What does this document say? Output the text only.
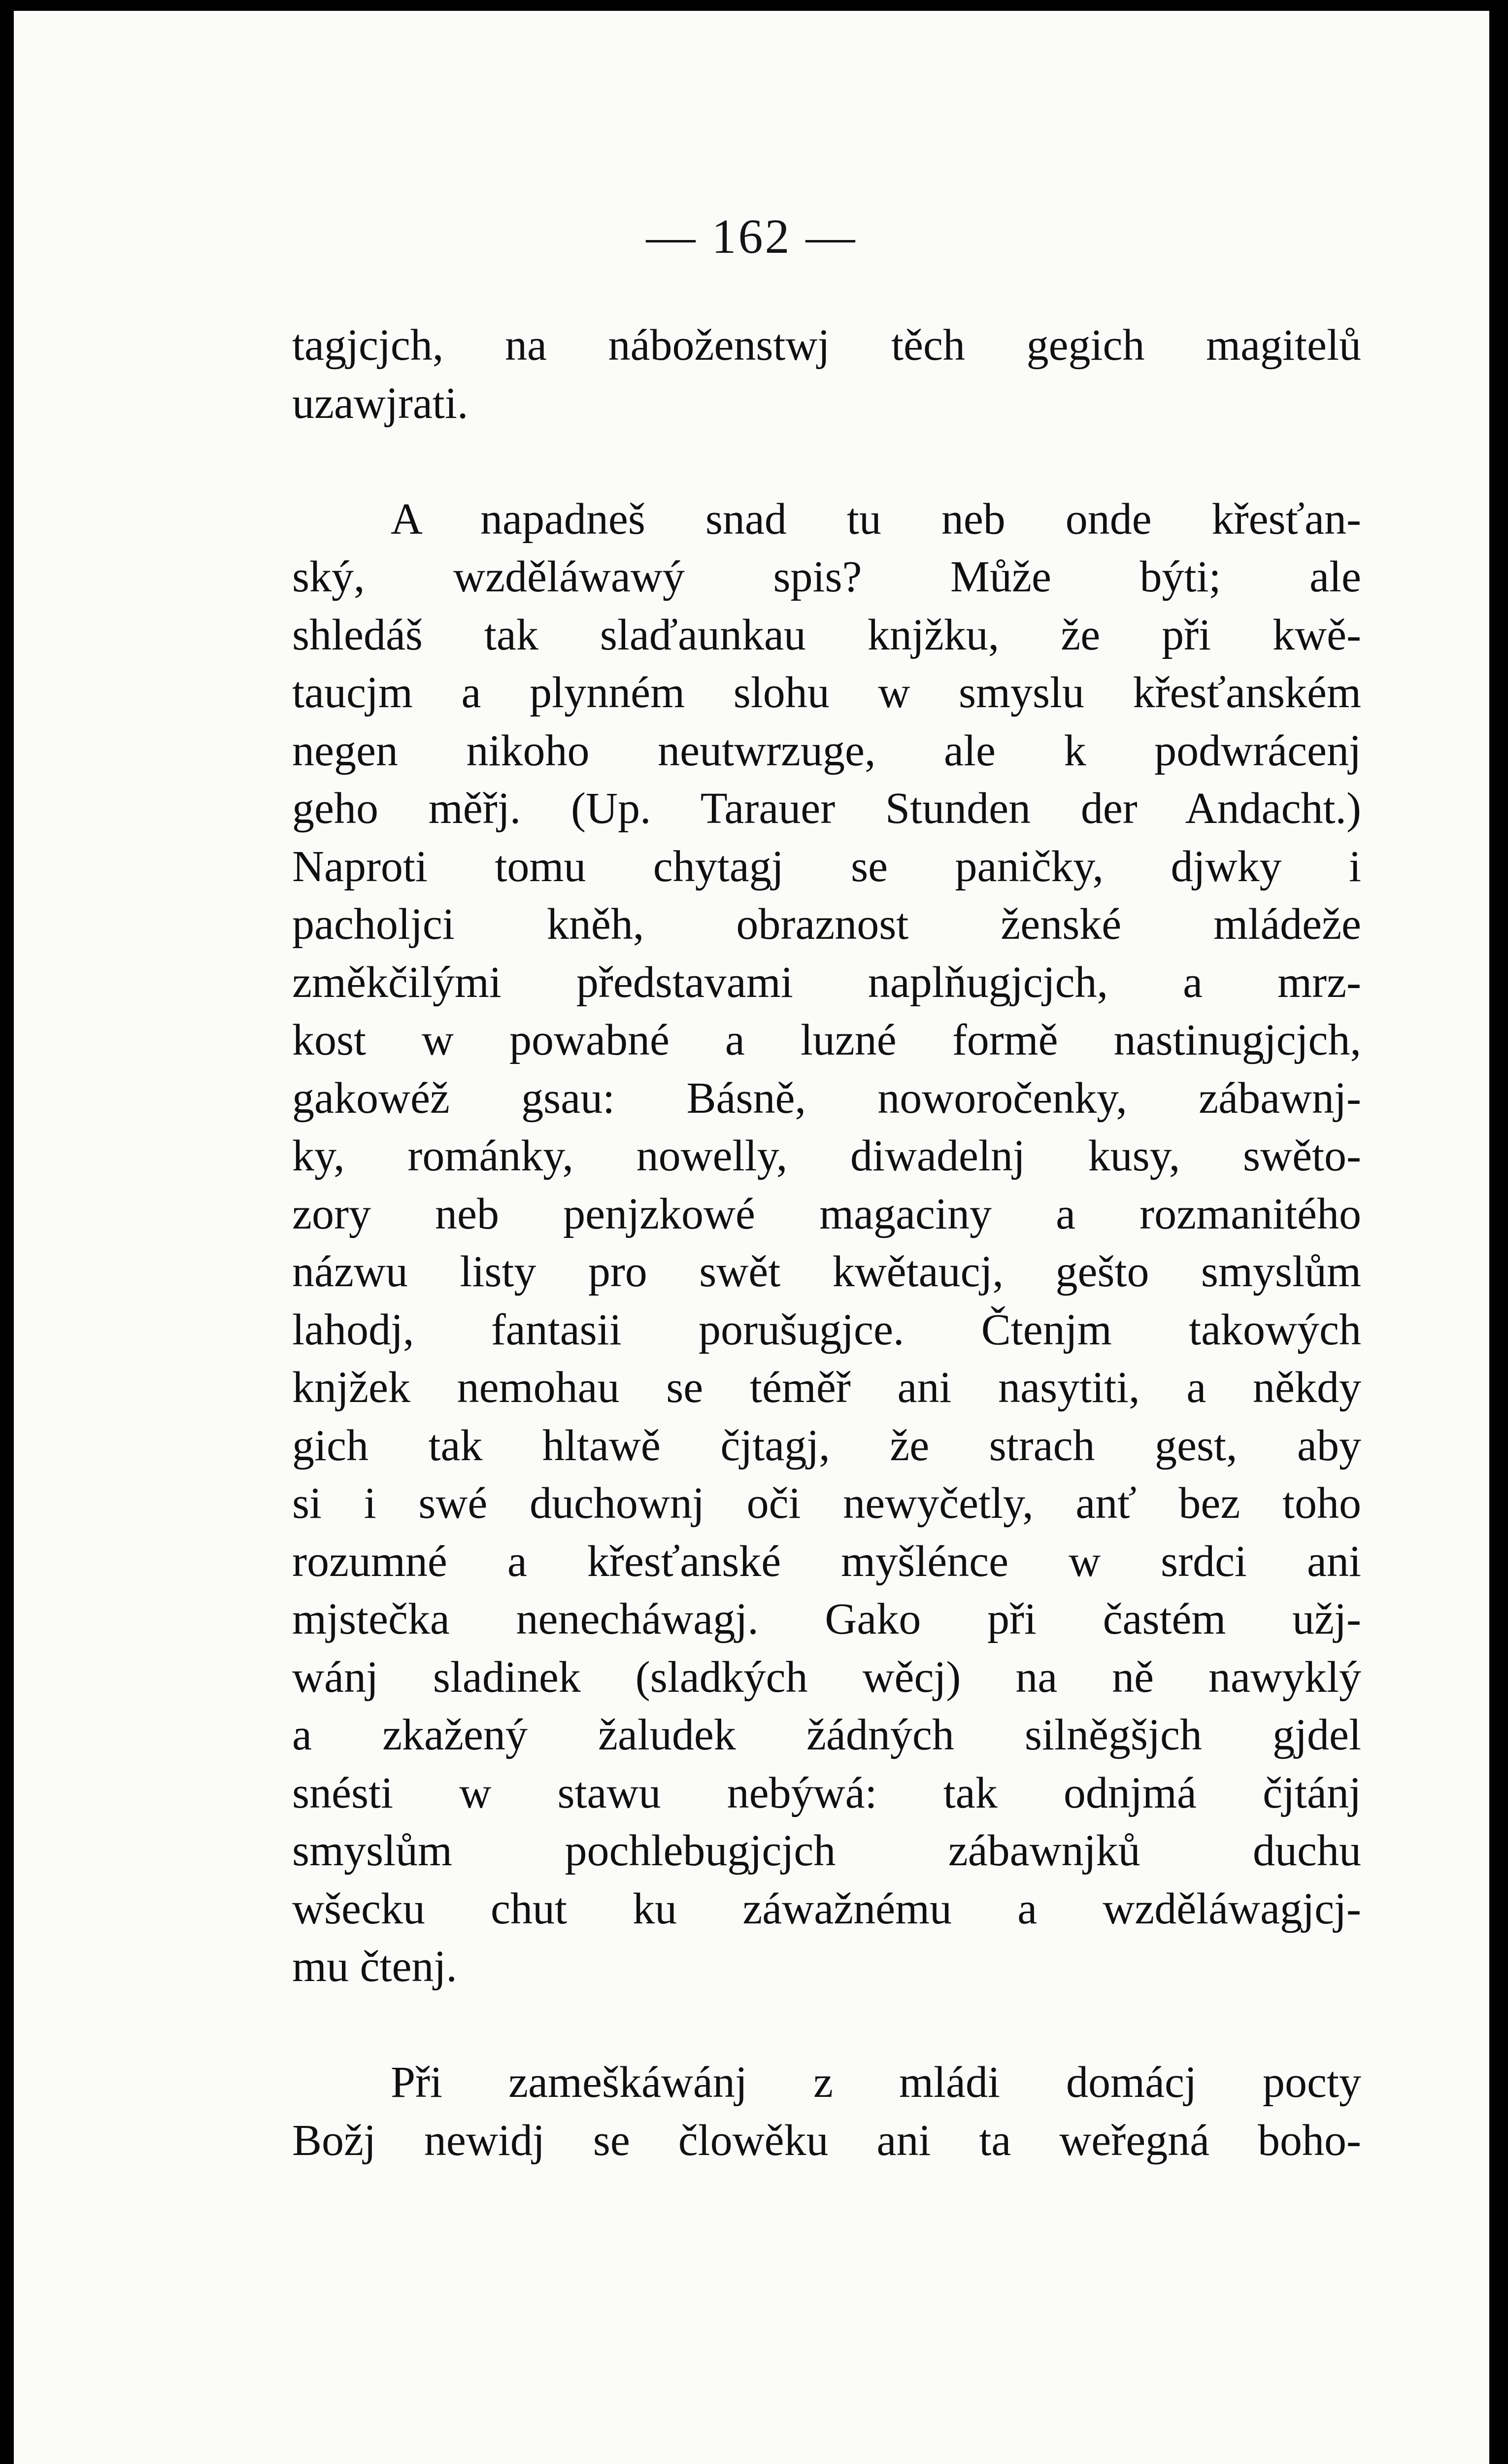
— 162 —
tagjcjch, na náboženstwj těch gegich magitelů
uzawjrati.
A napadneš snad tu neb onde křesťan-
ský, wzděláwawý spis? Může býti; ale
shledáš tak slaďaunkau knjžku, že při kwě-
taucjm a plynném slohu w smyslu křesťanském
negen nikoho neutwrzuge, ale k podwrácenj
geho měřj. (Up. Tarauer Stunden der Andacht.)
Naproti tomu chytagj se paničky, djwky i
pacholjci kněh, obraznost ženské mládeže
změkčilými představami naplňugjcjch, a mrz-
kost w powabné a luzné formě nastinugjcjch,
gakowéž gsau: Básně, noworočenky, zábawnj-
ky, románky, nowelly, diwadelnj kusy, swěto-
zory neb penjzkowé magaciny a rozmanitého
názwu listy pro swět kwětaucj, gešto smyslům
lahodj, fantasii porušugjce. Čtenjm takowých
knjžek nemohau se téměř ani nasytiti, a někdy
gich tak hltawě čjtagj, že strach gest, aby
si i swé duchownj oči newyčetly, anť bez toho
rozumné a křesťanské myšlénce w srdci ani
mjstečka nenecháwagj. Gako při častém užj-
wánj sladinek (sladkých wěcj) na ně nawyklý
a zkažený žaludek žádných silněgšjch gjdel
snésti w stawu nebýwá: tak odnjmá čjtánj
smyslům pochlebugjcjch zábawnjků duchu
wšecku chut ku záwažnému a wzděláwagjcj-
mu čtenj.
Při zameškáwánj z mládi domácj pocty
Božj newidj se člowěku ani ta weřegná boho-
